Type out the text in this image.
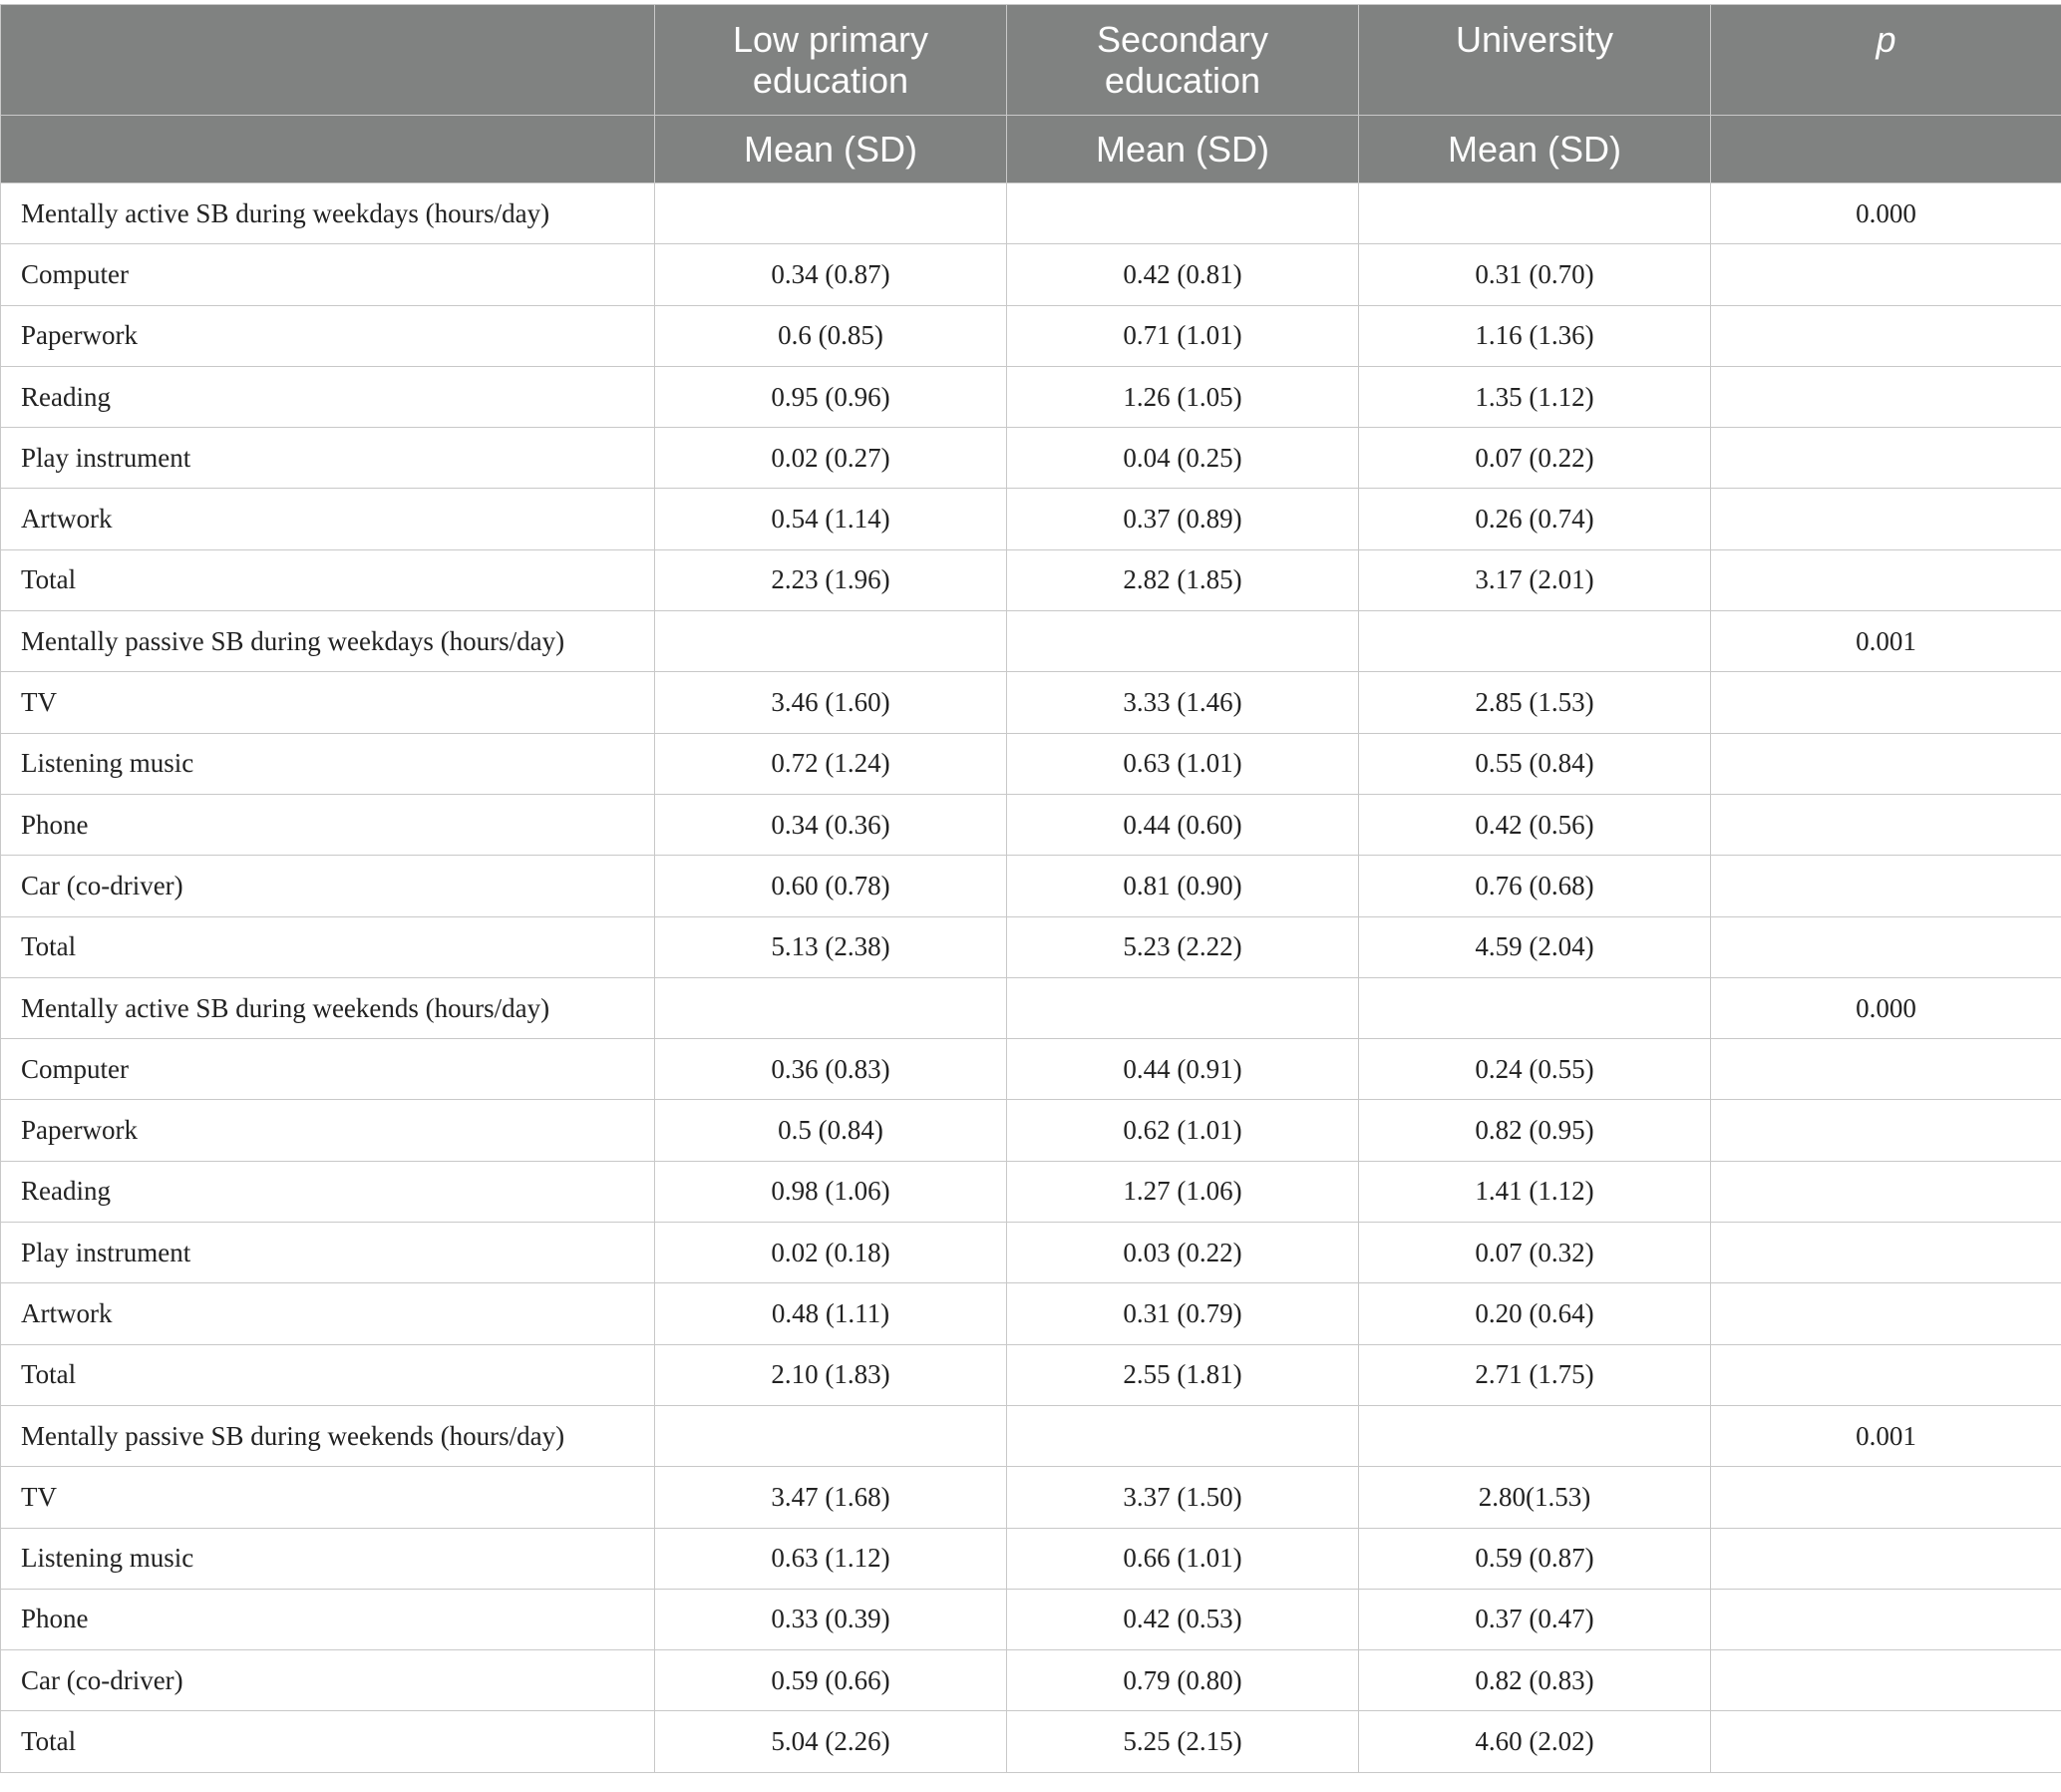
	Low primary education	Secondary education	University	p
	Mean (SD)	Mean (SD)	Mean (SD)	
Mentally active SB during weekdays (hours/day)				0.000
Computer	0.34 (0.87)	0.42 (0.81)	0.31 (0.70)	
Paperwork	0.6 (0.85)	0.71 (1.01)	1.16 (1.36)	
Reading	0.95 (0.96)	1.26 (1.05)	1.35 (1.12)	
Play instrument	0.02 (0.27)	0.04 (0.25)	0.07 (0.22)	
Artwork	0.54 (1.14)	0.37 (0.89)	0.26 (0.74)	
Total	2.23 (1.96)	2.82 (1.85)	3.17 (2.01)	
Mentally passive SB during weekdays (hours/day)				0.001
TV	3.46 (1.60)	3.33 (1.46)	2.85 (1.53)	
Listening music	0.72 (1.24)	0.63 (1.01)	0.55 (0.84)	
Phone	0.34 (0.36)	0.44 (0.60)	0.42 (0.56)	
Car (co-driver)	0.60 (0.78)	0.81 (0.90)	0.76 (0.68)	
Total	5.13 (2.38)	5.23 (2.22)	4.59 (2.04)	
Mentally active SB during weekends (hours/day)				0.000
Computer	0.36 (0.83)	0.44 (0.91)	0.24 (0.55)	
Paperwork	0.5 (0.84)	0.62 (1.01)	0.82 (0.95)	
Reading	0.98 (1.06)	1.27 (1.06)	1.41 (1.12)	
Play instrument	0.02 (0.18)	0.03 (0.22)	0.07 (0.32)	
Artwork	0.48 (1.11)	0.31 (0.79)	0.20 (0.64)	
Total	2.10 (1.83)	2.55 (1.81)	2.71 (1.75)	
Mentally passive SB during weekends (hours/day)				0.001
TV	3.47 (1.68)	3.37 (1.50)	2.80(1.53)	
Listening music	0.63 (1.12)	0.66 (1.01)	0.59 (0.87)	
Phone	0.33 (0.39)	0.42 (0.53)	0.37 (0.47)	
Car (co-driver)	0.59 (0.66)	0.79 (0.80)	0.82 (0.83)	
Total	5.04 (2.26)	5.25 (2.15)	4.60 (2.02)	
